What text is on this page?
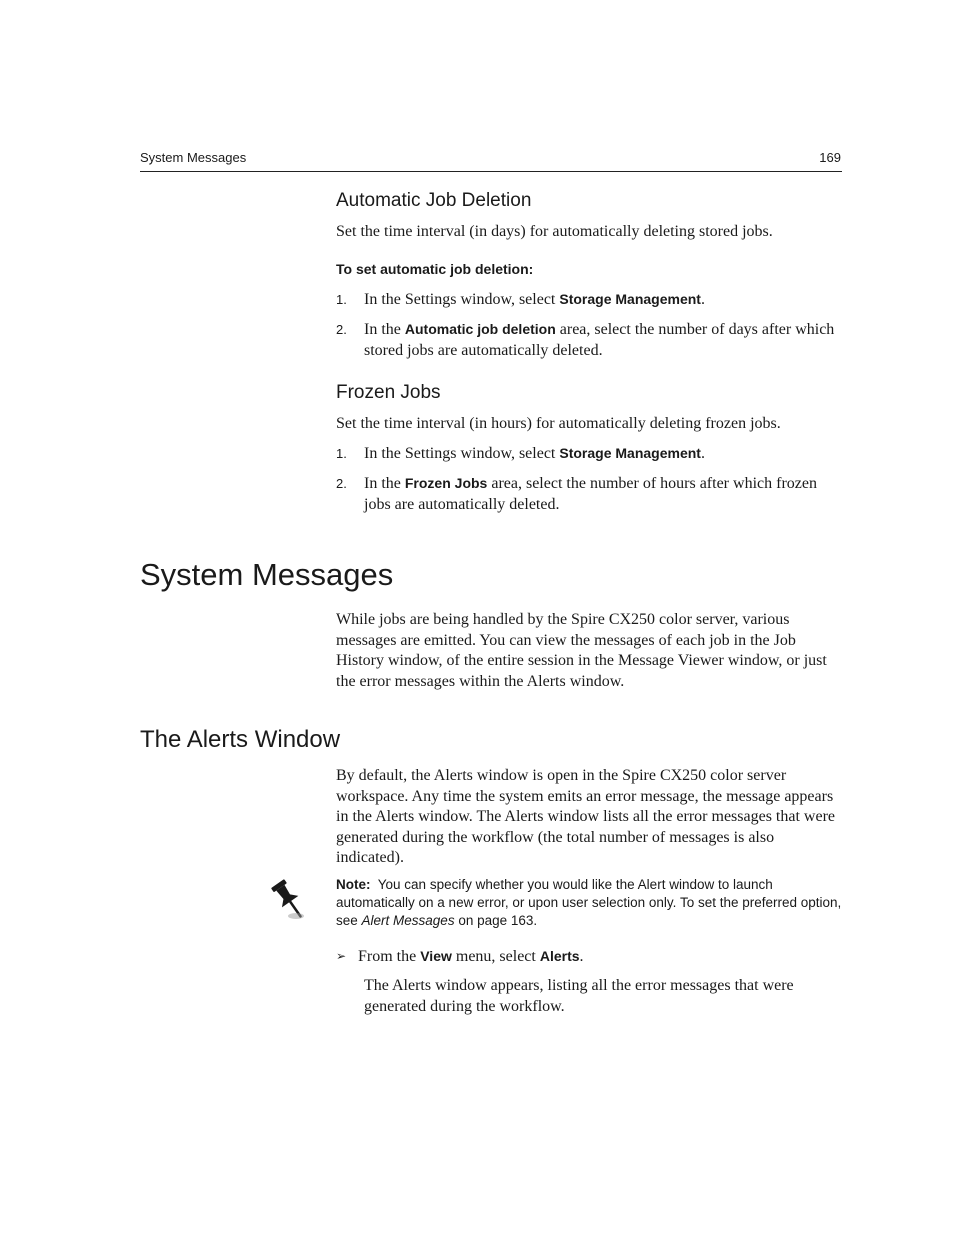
System Messages	169
Automatic Job Deletion
Set the time interval (in days) for automatically deleting stored jobs.
To set automatic job deletion:
1. In the Settings window, select Storage Management.
2. In the Automatic job deletion area, select the number of days after which stored jobs are automatically deleted.
Frozen Jobs
Set the time interval (in hours) for automatically deleting frozen jobs.
1. In the Settings window, select Storage Management.
2. In the Frozen Jobs area, select the number of hours after which frozen jobs are automatically deleted.
System Messages
While jobs are being handled by the Spire CX250 color server, various messages are emitted. You can view the messages of each job in the Job History window, of the entire session in the Message Viewer window, or just the error messages within the Alerts window.
The Alerts Window
By default, the Alerts window is open in the Spire CX250 color server workspace. Any time the system emits an error message, the message appears in the Alerts window. The Alerts window lists all the error messages that were generated during the workflow (the total number of messages is also indicated).
Note: You can specify whether you would like the Alert window to launch automatically on a new error, or upon user selection only. To set the preferred option, see Alert Messages on page 163.
➢ From the View menu, select Alerts.
The Alerts window appears, listing all the error messages that were generated during the workflow.
